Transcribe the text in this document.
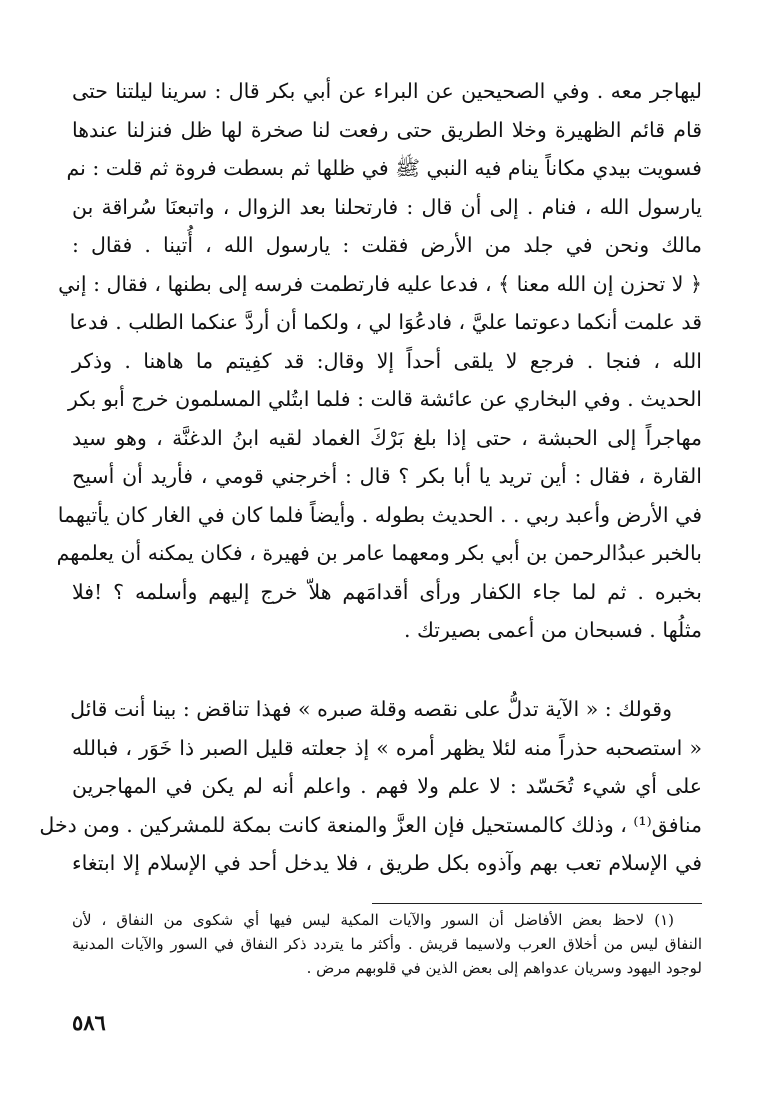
ليهاجر معه . وفي الصحيحين عن البراء عن أبي بكر قال : سرينا ليلتنا حتى
قام قائم الظهيرة وخلا الطريق حتى رفعت لنا صخرة لها ظل فنزلنا عندها
فسويت بيدي مكاناً ينام فيه النبي ﷺ في ظلها ثم بسطت فروة ثم قلت : نم
يارسول الله ، فنام . إلى أن قال : فارتحلنا بعد الزوال ، واتبعنَا سُراقة بن
مالك ونحن في جلد من الأرض فقلت : يارسول الله ، أُتينا . فقال :
﴿ لا تحزن إن الله معنا ﴾ ، فدعا عليه فارتطمت فرسه إلى بطنها ، فقال : إني
قد علمت أنكما دعوتما عليَّ ، فادعُوَا لي ، ولكما أن أردَّ عنكما الطلب . فدعا
الله ، فنجا . فرجع لا يلقى أحداً إلا وقال: قد كفِيتم ما هاهنا . وذكر
الحديث . وفي البخاري عن عائشة قالت : فلما ابتُلي المسلمون خرج أبو بكر
مهاجراً إلى الحبشة ، حتى إذا بلغ بَرْكَ الغماد لقيه ابنُ الدغنَّة ، وهو سيد
القارة ، فقال : أين تريد يا أبا بكر ؟ قال : أخرجني قومي ، فأريد أن أسيح
في الأرض وأعبد ربي . . الحديث بطوله . وأيضاً فلما كان في الغار كان يأتيهما
بالخبر عبدُالرحمن بن أبي بكر ومعهما عامر بن فهيرة ، فكان يمكنه أن يعلمهم
بخبره . ثم لما جاء الكفار ورأى أقدامَهم هلاّ خرج إليهم وأسلمه ؟ !فلا
مثلُها . فسبحان من أعمى بصيرتك .
وقولك : « الآية تدلُّ على نقصه وقلة صبره » فهذا تناقض : بينا أنت قائل
« استصحبه حذراً منه لئلا يظهر أمره » إذ جعلته قليل الصبر ذا خَوَر ، فبالله
على أي شيء تُحَسّد : لا علم ولا فهم . واعلم أنه لم يكن في المهاجرين
منافق⁽¹⁾ ، وذلك كالمستحيل فإن العزَّ والمنعة كانت بمكة للمشركين . ومن دخل
في الإسلام تعب بهم وآذوه بكل طريق ، فلا يدخل أحد في الإسلام إلا ابتغاء
(١) لاحظ بعض الأفاضل أن السور والآيات المكية ليس فيها أي شكوى من النفاق ، لأن
النفاق ليس من أخلاق العرب ولاسيما قريش . وأكثر ما يتردد ذكر النفاق في السور والآيات المدنية
لوجود اليهود وسريان عدواهم إلى بعض الذين في قلوبهم مرض .
٥٨٦
